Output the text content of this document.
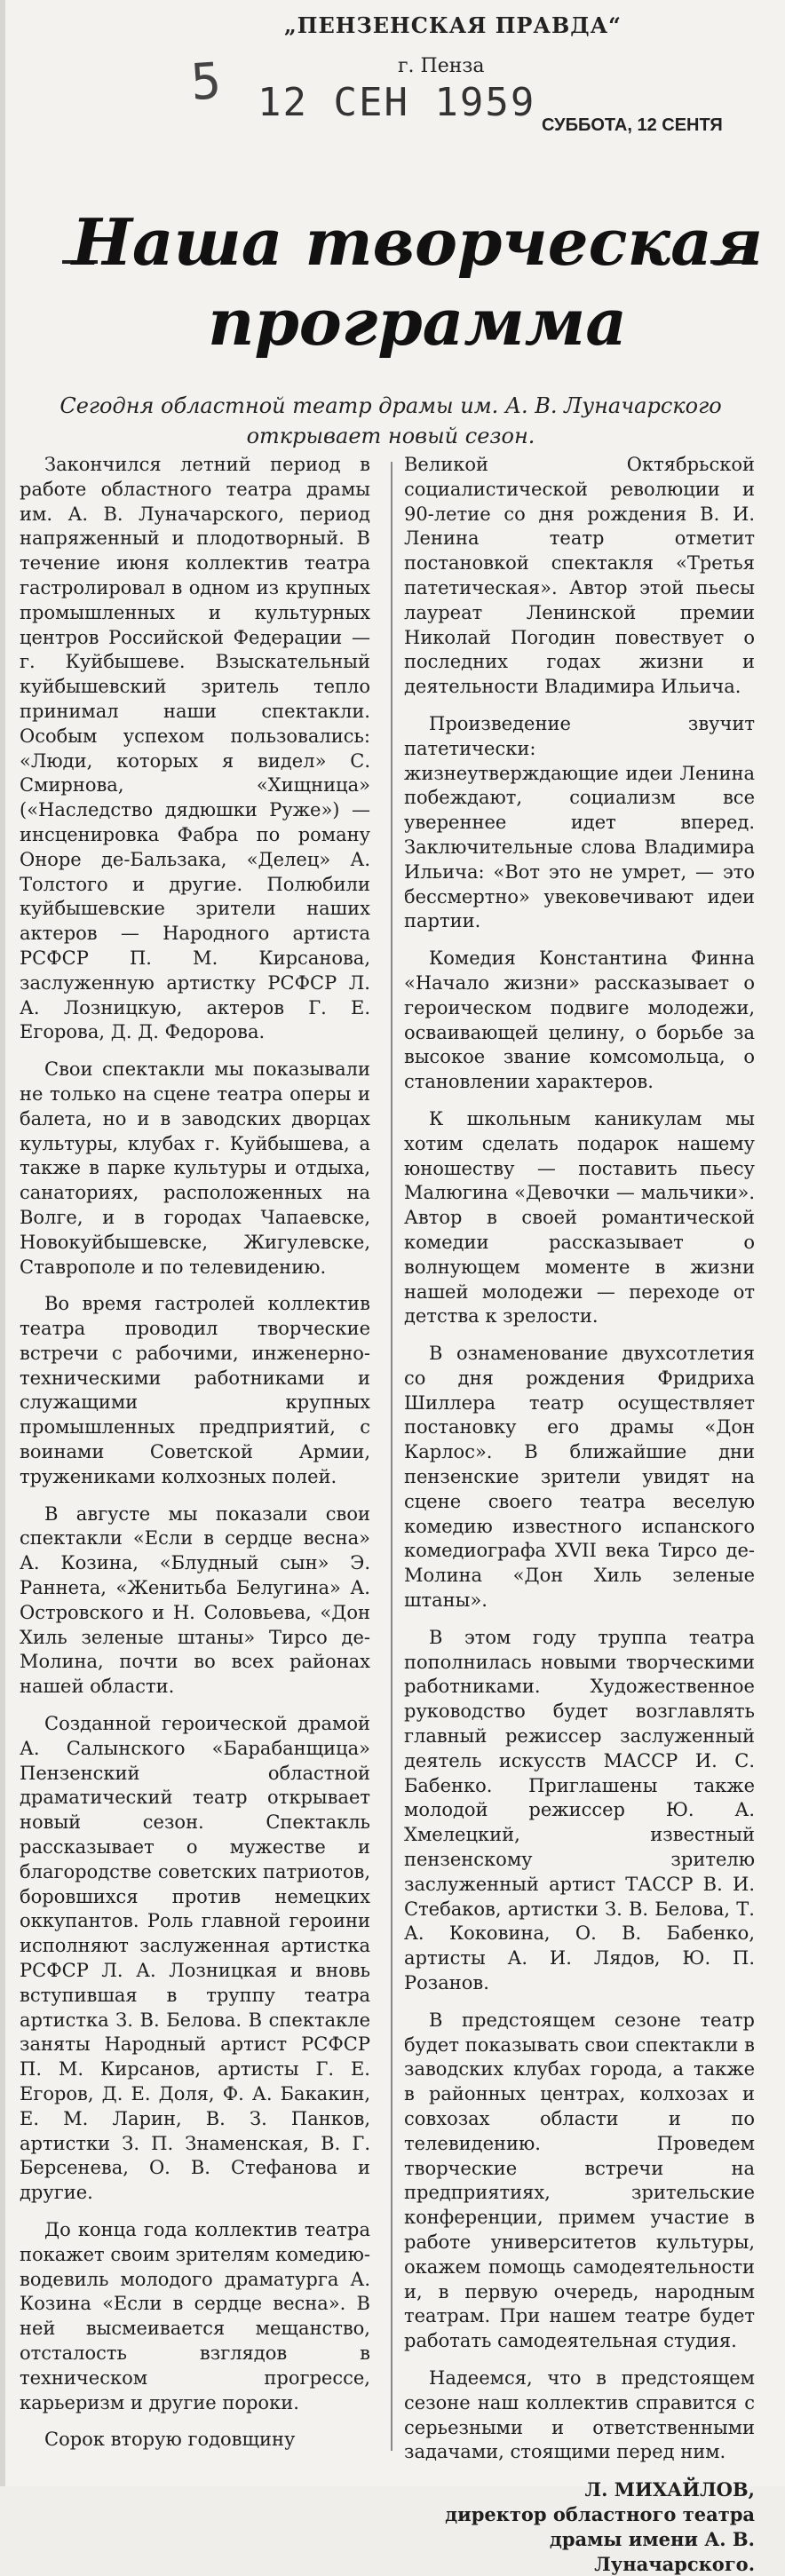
„ПЕНЗЕНСКАЯ ПРАВДА“
г. Пенза
5 12 СЕН 1959 СУББОТА, 12 СЕНТЯ
Наша творческая
программа
Сегодня областной театр драмы им. А. В. Луначарского открывает новый сезон.

Закончился летний период в работе областного театра драмы им. А. В. Луначарского, период напряженный и плодотворный. В течение июня коллектив театра гастролировал в одном из крупных промышленных и культурных центров Российской Федерации — г. Куйбышеве. Взыскательный куйбышевский зритель тепло принимал наши спектакли. Особым успехом пользовались: «Люди, которых я видел» С. Смирнова, «Хищница» («Наследство дядюшки Руже») — инсценировка Фабра по роману Оноре де-Бальзака, «Делец» А. Толстого и другие. Полюбили куйбышевские зрители наших актеров — Народного артиста РСФСР П. М. Кирсанова, заслуженную артистку РСФСР Л. А. Лозницкую, актеров Г. Е. Егорова, Д. Д. Федорова.

Свои спектакли мы показывали не только на сцене театра оперы и балета, но и в заводских дворцах культуры, клубах г. Куйбышева, а также в парке культуры и отдыха, санаториях, расположенных на Волге, и в городах Чапаевске, Новокуйбышевске, Жигулевске, Ставрополе и по телевидению.

Во время гастролей коллектив театра проводил творческие встречи с рабочими, инженерно-техническими работниками и служащими крупных промышленных предприятий, с воинами Советской Армии, тружениками колхозных полей.

В августе мы показали свои спектакли «Если в сердце весна» А. Козина, «Блудный сын» Э. Раннета, «Женитьба Белугина» А. Островского и Н. Соловьева, «Дон Хиль зеленые штаны» Тирсо де-Молина, почти во всех районах нашей области.

Созданной героической драмой А. Салынского «Барабанщица» Пензенский областной драматический театр открывает новый сезон. Спектакль рассказывает о мужестве и благородстве советских патриотов, боровшихся против немецких оккупантов. Роль главной героини исполняют заслуженная артистка РСФСР Л. А. Лозницкая и вновь вступившая в труппу театра артистка З. В. Белова. В спектакле заняты Народный артист РСФСР П. М. Кирсанов, артисты Г. Е. Егоров, Д. Е. Доля, Ф. А. Бакакин, Е. М. Ларин, В. З. Панков, артистки З. П. Знаменская, В. Г. Берсенева, О. В. Стефанова и другие.

До конца года коллектив театра покажет своим зрителям комедию-водевиль молодого драматурга А. Козина «Если в сердце весна». В ней высмеивается мещанство, отсталость взглядов в техническом прогрессе, карьеризм и другие пороки.

Сорок вторую годовщину

Великой Октябрьской социалистической революции и 90-летие со дня рождения В. И. Ленина театр отметит постановкой спектакля «Третья патетическая». Автор этой пьесы лауреат Ленинской премии Николай Погодин повествует о последних годах жизни и деятельности Владимира Ильича.

Произведение звучит патетически: жизнеутверждающие идеи Ленина побеждают, социализм все увереннее идет вперед. Заключительные слова Владимира Ильича: «Вот это не умрет, — это бессмертно» увековечивают идеи партии.

Комедия Константина Финна «Начало жизни» рассказывает о героическом подвиге молодежи, осваивающей целину, о борьбе за высокое звание комсомольца, о становлении характеров.

К школьным каникулам мы хотим сделать подарок нашему юношеству — поставить пьесу Малюгина «Девочки — мальчики». Автор в своей романтической комедии рассказывает о волнующем моменте в жизни нашей молодежи — переходе от детства к зрелости.

В ознаменование двухсотлетия со дня рождения Фридриха Шиллера театр осуществляет постановку его драмы «Дон Карлос». В ближайшие дни пензенские зрители увидят на сцене своего театра веселую комедию известного испанского комедиографа XVII века Тирсо де-Молина «Дон Хиль зеленые штаны».

В этом году труппа театра пополнилась новыми творческими работниками. Художественное руководство будет возглавлять главный режиссер заслуженный деятель искусств МАССР И. С. Бабенко. Приглашены также молодой режиссер Ю. А. Хмелецкий, известный пензенскому зрителю заслуженный артист ТАССР В. И. Стебаков, артистки З. В. Белова, Т. А. Коковина, О. В. Бабенко, артисты А. И. Лядов, Ю. П. Розанов.

В предстоящем сезоне театр будет показывать свои спектакли в заводских клубах города, а также в районных центрах, колхозах и совхозах области и по телевидению. Проведем творческие встречи на предприятиях, зрительские конференции, примем участие в работе университетов культуры, окажем помощь самодеятельности и, в первую очередь, народным театрам. При нашем театре будет работать самодеятельная студия.

Надеемся, что в предстоящем сезоне наш коллектив справится с серьезными и ответственными задачами, стоящими перед ним.

Л. МИХАЙЛОВ,
директор областного театра драмы имени А. В. Луначарского.
